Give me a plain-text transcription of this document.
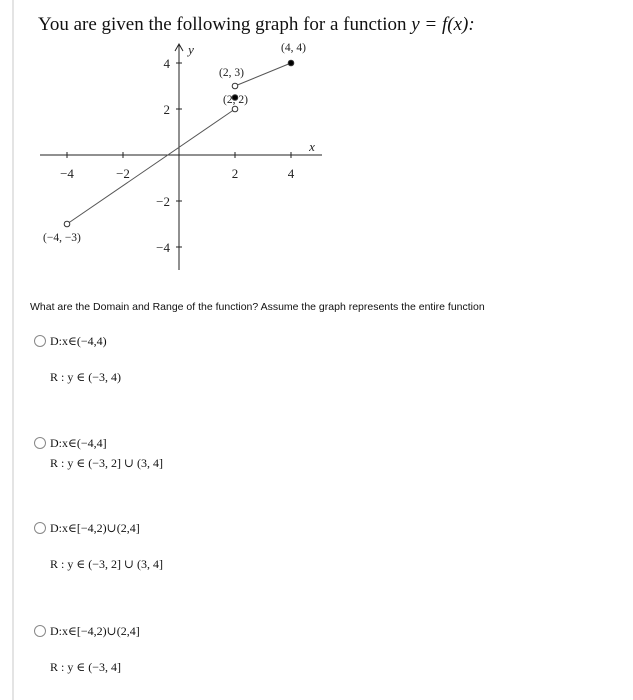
You are given the following graph for a function y = f(x):
x
y
−4	−2	2	4
4
2
−2
−4
(−4, −3)
(2, 2)
(2, 3)
(4, 4)
What are the Domain and Range of the function? Assume the graph represents the entire function
D:x∈(−4,4)
R : y ∈ (−3, 4)
D:x∈(−4,4]
R : y ∈ (−3, 2] ∪ (3, 4]
D:x∈[−4,2)∪(2,4]
R : y ∈ (−3, 2] ∪ (3, 4]
D:x∈[−4,2)∪(2,4]
R : y ∈ (−3, 4]
